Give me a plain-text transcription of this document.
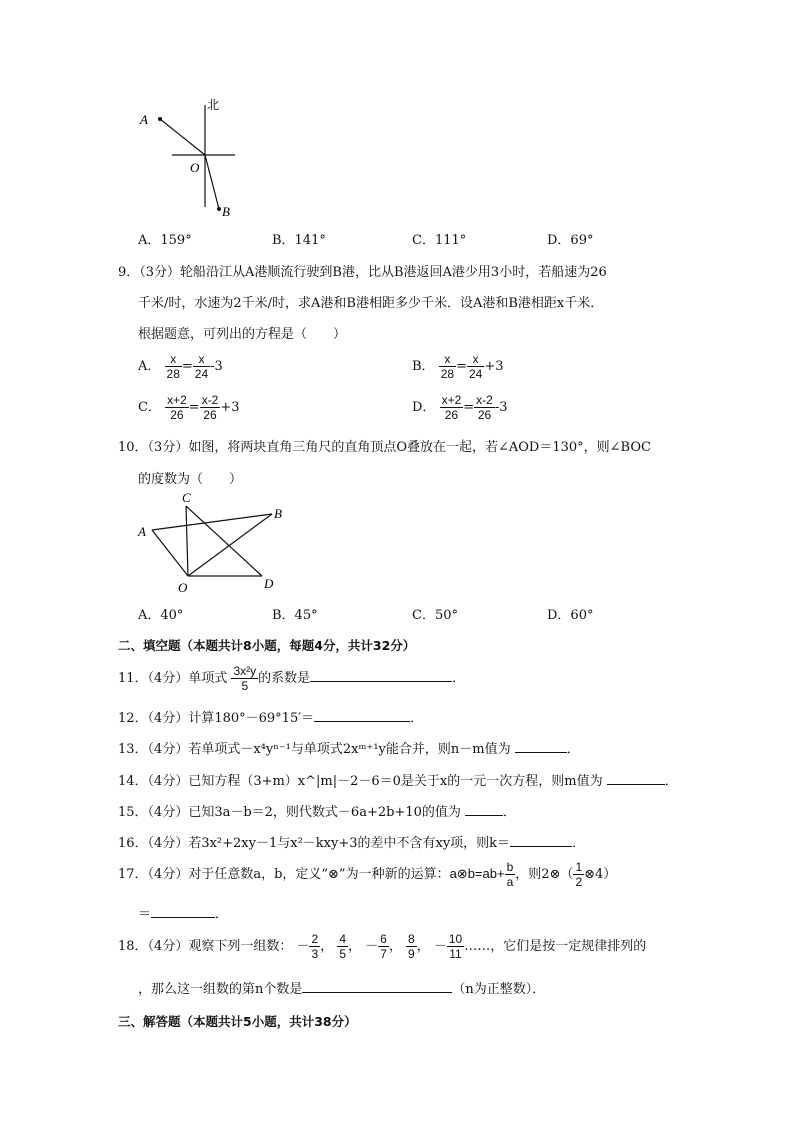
北
A
O
B
A．159°	B．141°	C．111°	D．69°
9．（3分）轮船沿江从A港顺流行驶到B港，比从B港返回A港少用3小时，若船速为26
千米/时，水速为2千米/时，求A港和B港相距多少千米．设A港和B港相距x千米．
根据题意，可列出的方程是（　　）
A． $\frac{x}{28} = \frac{x}{24} -3$	B． $\frac{x}{28} = \frac{x}{24} +3$
C． $\frac{x+2}{26} = \frac{x-2}{26} +3$	D． $\frac{x+2}{26} = \frac{x-2}{26} -3$
10．（3分）如图，将两块直角三角尺的直角顶点O叠放在一起，若∠AOD＝130°，则∠BOC
的度数为（　　）
C
B
A
O	D
A．40°	B．45°	C．50°	D．60°
二、填空题（本题共计8小题，每题4分，共计32分）
11．（4分）单项式 $\frac{\text{3x²y}}{5}$ 的系数是	．
12．（4分）计算180°－69°15′＝	．
13．（4分）若单项式－x⁴yⁿ⁻¹与单项式2xᵐ⁺¹y能合并，则n－m值为	．
14．（4分）已知方程（3+m）x^|m|－2－6＝0是关于x的一元一次方程，则m值为	．
15．（4分）已知3a－b＝2，则代数式－6a+2b+10的值为	．
16．（4分）若3x²+2xy－1与x²－kxy+3的差中不含有xy项，则k＝	．
17．（4分）对于任意数a，b，定义“⊗”为一种新的运算：a⊗b=ab+ $\frac{b}{a}$ ，则2⊗（ $\frac{1}{2}$ ⊗4）
＝	．
18．（4分）观察下列一组数： － $\frac{2}{3}$ ， $\frac{4}{5}$ ， － $\frac{6}{7}$ ， $\frac{8}{9}$ ， － $\frac{10}{11}$ ……，它们是按一定规律排列的
，那么这一组数的第n个数是	（n为正整数）．
三、解答题（本题共计5小题，共计38分）
